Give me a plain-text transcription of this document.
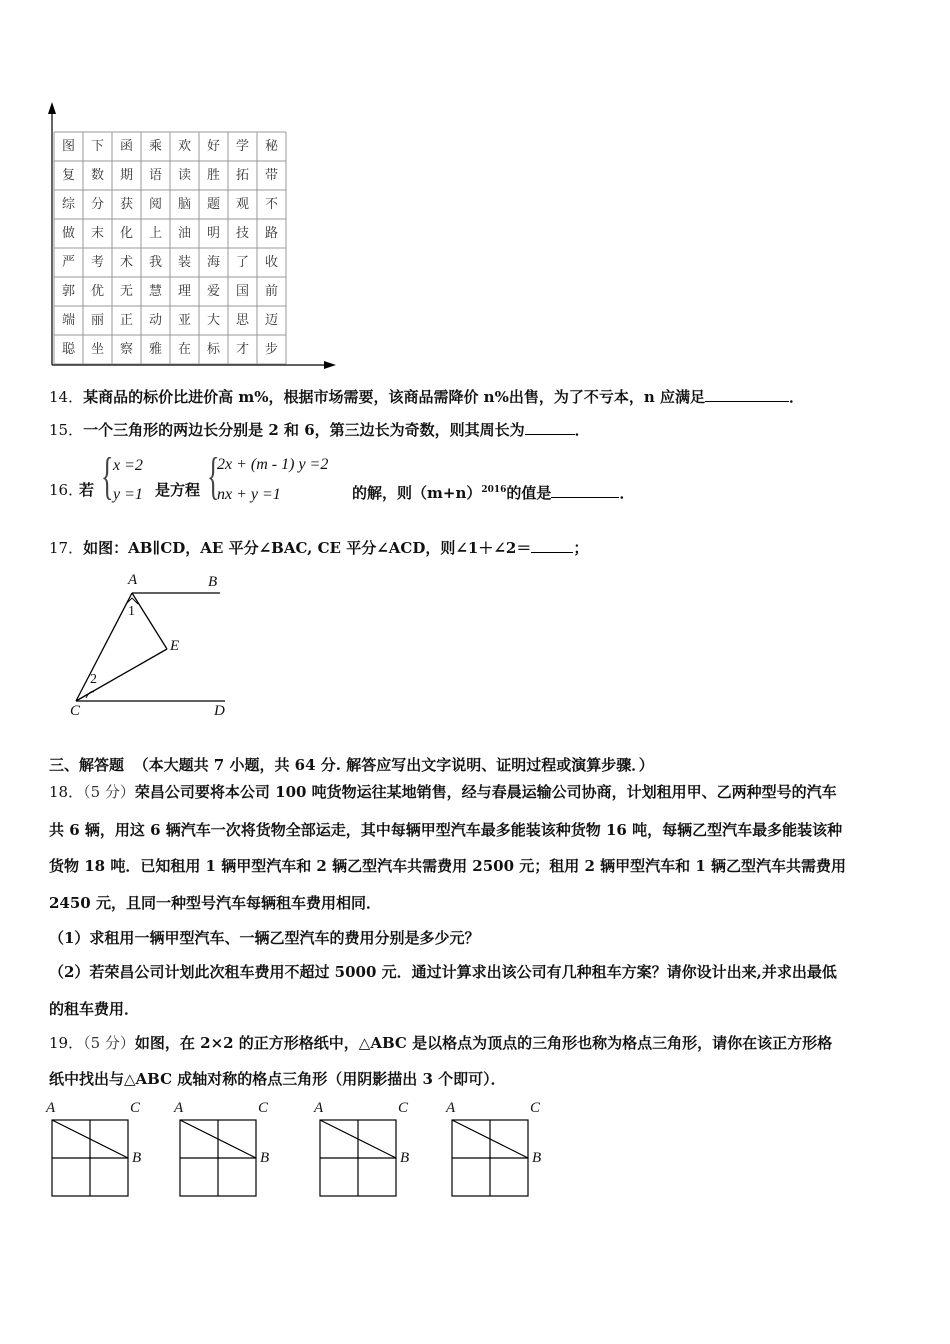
图	下	函	乘	欢	好	学	秘
复	数	期	语	读	胜	拓	带
综	分	获	阅	脑	题	观	不
做	末	化	上	油	明	技	路
严	考	术	我	装	海	了	收
郭	优	无	慧	理	爱	国	前
端	丽	正	动	亚	大	思	迈
聪	坐	察	雅	在	标	才	步
14．某商品的标价比进价高 m%，根据市场需要，该商品需降价 n%出售，为了不亏本，n 应满足	．
15．一个三角形的两边长分别是 2 和 6，第三边长为奇数，则其周长为	．
16．
若 { x =2
y =1 是方程 {
2x + (m - 1) y =2
nx + y =1	的解，则$(m+n)^{2016}$的值是	．
17．如图：AB∥CD，AE 平分∠BAC, CE 平分∠ACD，则∠1＋∠2＝	；
A	B
C	D
E
1
2
三、解答题 （本大题共 7 小题，共 64 分. 解答应写出文字说明、证明过程或演算步骤．）
18．（5 分）荣昌公司要将本公司 100 吨货物运往某地销售，经与春晨运输公司协商，计划租用甲、乙两种型号的汽车
共 6 辆，用这 6 辆汽车一次将货物全部运走，其中每辆甲型汽车最多能装该种货物 16 吨，每辆乙型汽车最多能装该种
货物 18 吨．已知租用 1 辆甲型汽车和 2 辆乙型汽车共需费用 2500 元；租用 2 辆甲型汽车和 1 辆乙型汽车共需费用
2450 元，且同一种型号汽车每辆租车费用相同．
（1）求租用一辆甲型汽车、一辆乙型汽车的费用分别是多少元？
（2）若荣昌公司计划此次租车费用不超过 5000 元．通过计算求出该公司有几种租车方案？请你设计出来,并求出最低
的租车费用．
19．（5 分）如图，在 2×2 的正方形格纸中，△ABC 是以格点为顶点的三角形也称为格点三角形，请你在该正方形格
纸中找出与△ABC 成轴对称的格点三角形（用阴影描出 3 个即可）．
A	C
B
A	C
B
A	C
B
A	C
B
